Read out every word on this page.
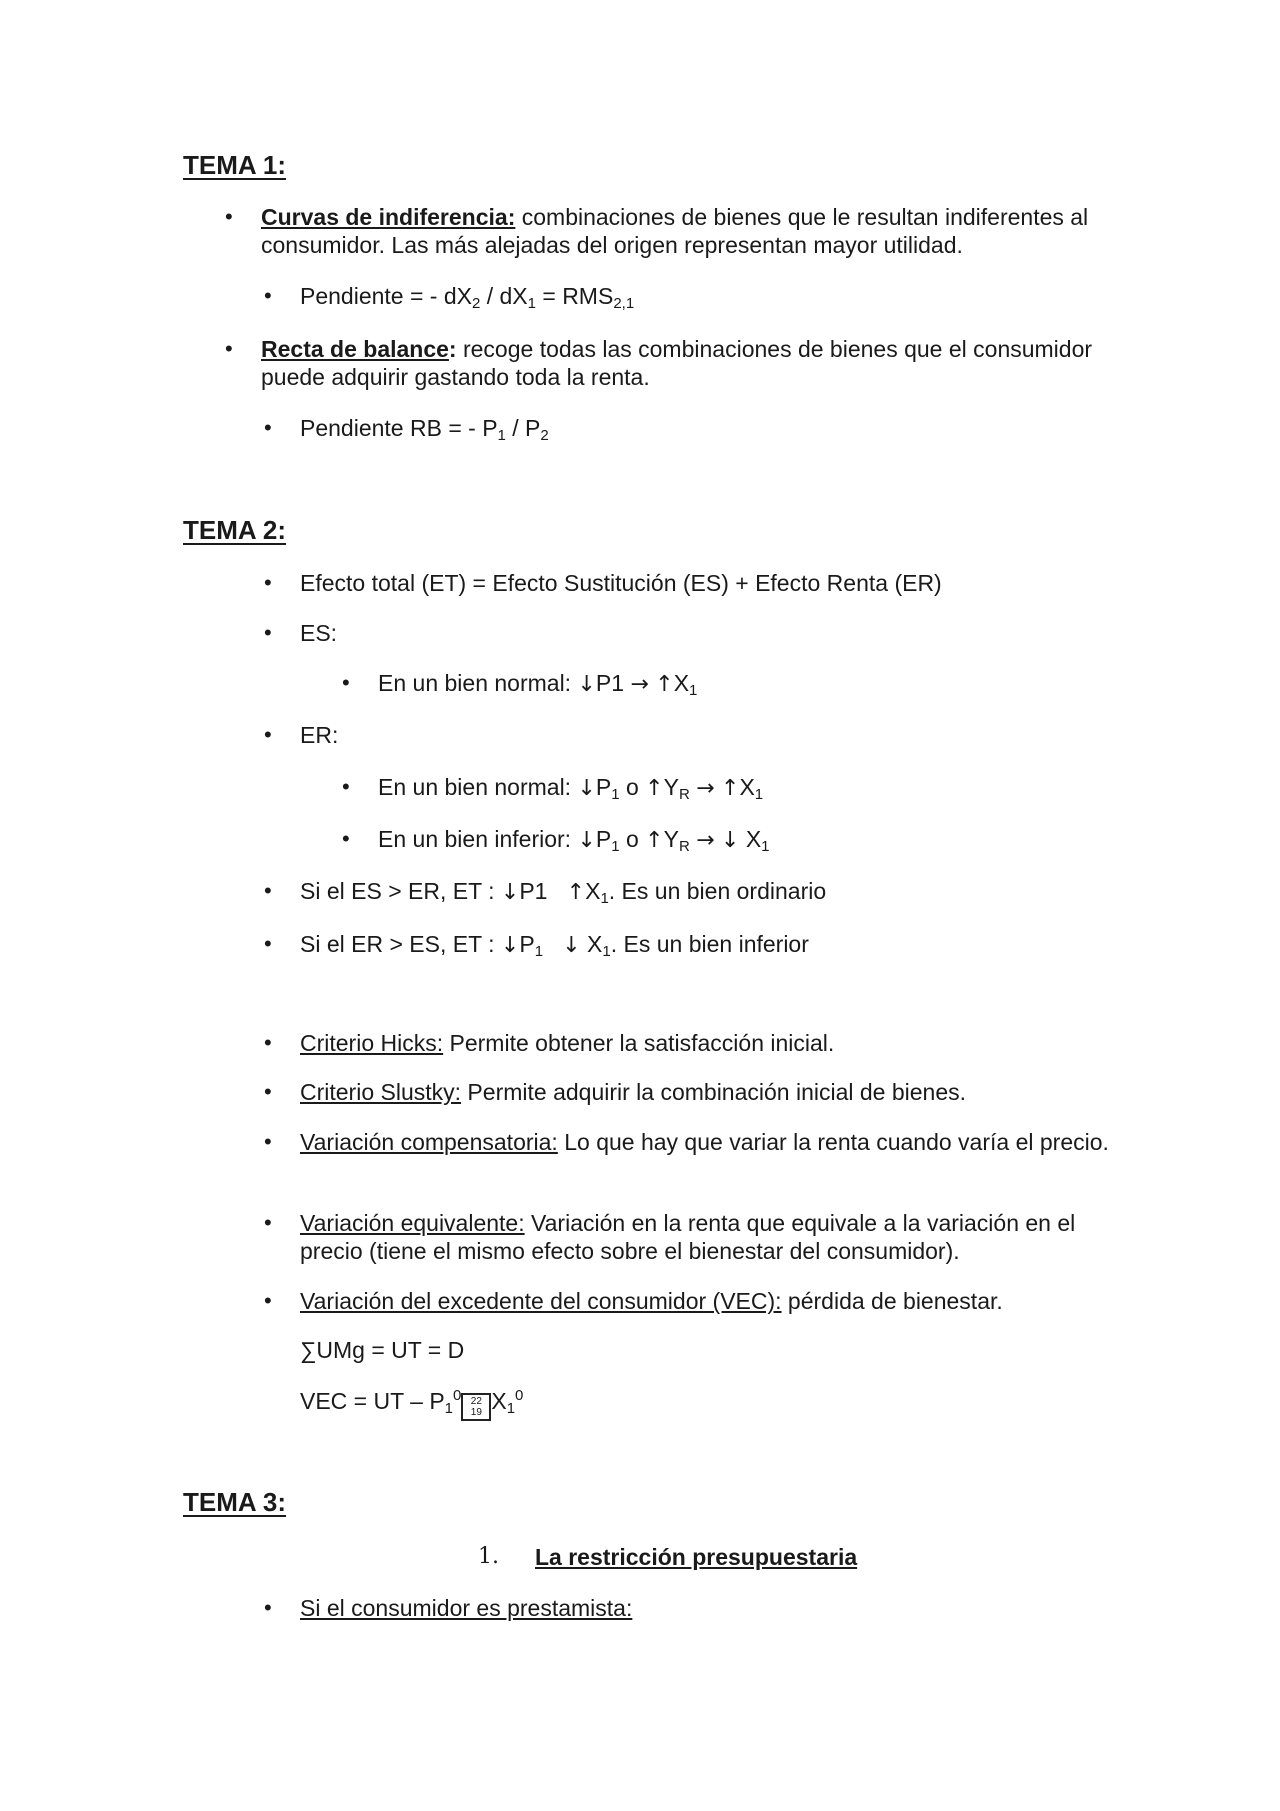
TEMA 1:
• Curvas de indiferencia: combinaciones de bienes que le resultan indiferentes al consumidor. Las más alejadas del origen representan mayor utilidad.
• Pendiente = - $dX_2 / dX_1 = RMS_{2,1}$
• Recta de balance: recoge todas las combinaciones de bienes que el consumidor puede adquirir gastando toda la renta.
• Pendiente RB = - $P_1 / P_2$
TEMA 2:
• Efecto total (ET) = Efecto Sustitución (ES) + Efecto Renta (ER)
• ES:
• En un bien normal: ↓P1 → $↑X_1$
• ER:
• En un bien normal: $↓P_1$ o $↑Y_R$ → $↑X_1$
• En un bien inferior: $↓P_1$ o $↑Y_R$ → ↓ $X_1$
• Si el ES > ER, ET : ↓P1 $↑X_1$. Es un bien ordinario
• Si el ER > ES, ET : $↓P_1$ ↓ $X_1$. Es un bien inferior
• Criterio Hicks: Permite obtener la satisfacción inicial.
• Criterio Slustky: Permite adquirir la combinación inicial de bienes.
• Variación compensatoria: Lo que hay que variar la renta cuando varía el precio.
• Variación equivalente: Variación en la renta que equivale a la variación en el precio (tiene el mismo efecto sobre el bienestar del consumidor).
• Variación del excedente del consumidor (VEC): pérdida de bienestar.
∑UMg = UT = D
VEC = UT – $P_1^0$ 22
19 $X_1^0$
TEMA 3:
1. La restricción presupuestaria
• Si el consumidor es prestamista:
